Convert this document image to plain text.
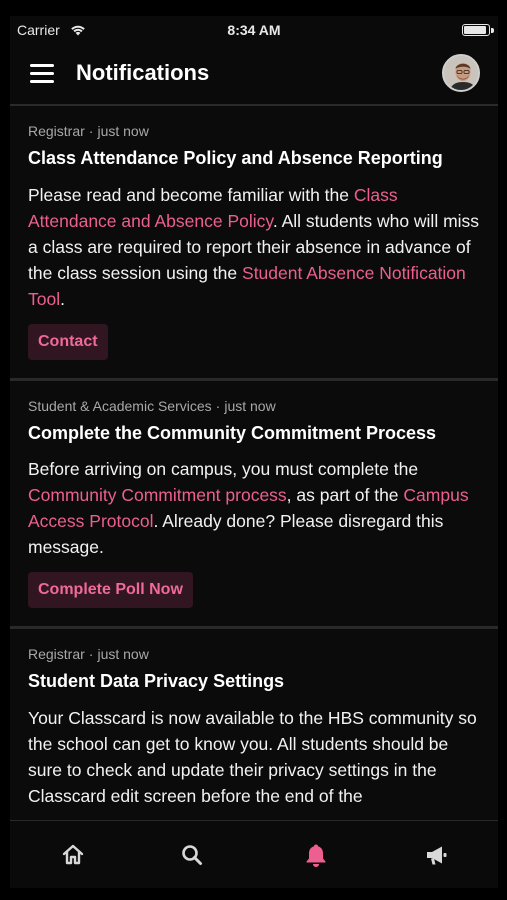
Carrier	8:34 AM
Notifications
Registrar · just now
Class Attendance Policy and Absence Reporting
Please read and become familiar with the Class Attendance and Absence Policy. All students who will miss a class are required to report their absence in advance of the class session using the Student Absence Notification Tool.
Contact
Student & Academic Services · just now
Complete the Community Commitment Process
Before arriving on campus, you must complete the Community Commitment process, as part of the Campus Access Protocol. Already done? Please disregard this message.
Complete Poll Now
Registrar · just now
Student Data Privacy Settings
Your Classcard is now available to the HBS community so the school can get to know you. All students should be sure to check and update their privacy settings in the Classcard edit screen before the end of the
